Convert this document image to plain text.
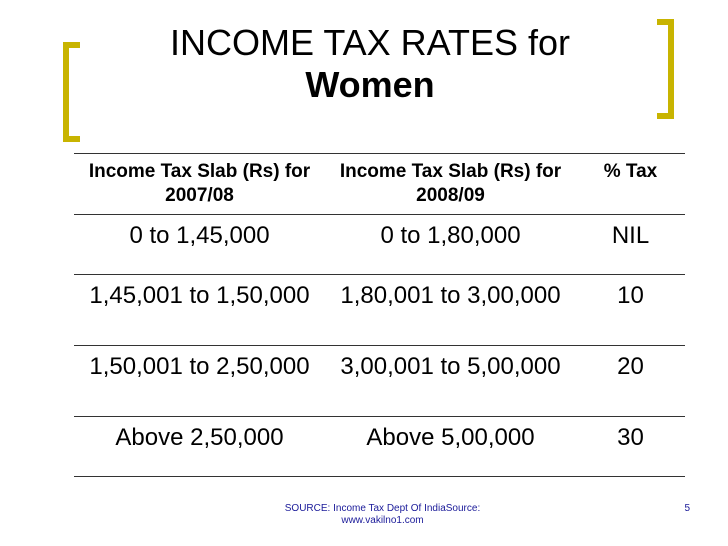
INCOME TAX RATES for
Women
Income Tax Slab (Rs) for 2007/08	Income Tax Slab (Rs) for 2008/09	% Tax
0 to 1,45,000	0 to 1,80,000	NIL
1,45,001 to 1,50,000	1,80,001 to 3,00,000	10
1,50,001 to 2,50,000	3,00,001 to 5,00,000	20
Above 2,50,000	Above 5,00,000	30
SOURCE: Income Tax Dept Of IndiaSource: www.vakilno1.com
5
